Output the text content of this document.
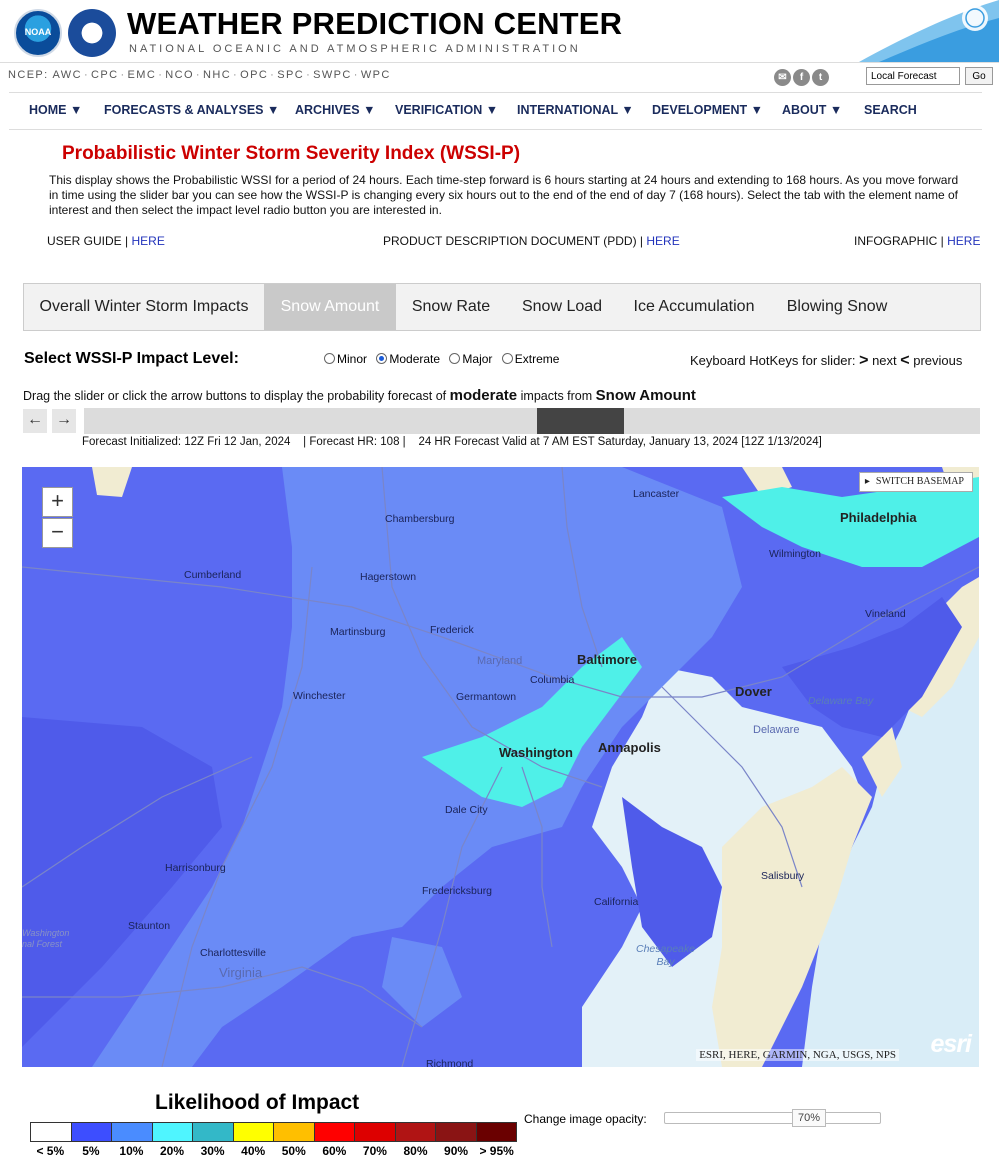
NOAA WEATHER PREDICTION CENTER
NATIONAL OCEANIC AND ATMOSPHERIC ADMINISTRATION
NCEP: AWC · CPC · EMC · NCO · NHC · OPC · SPC · SWPC · WPC	✉ f t
Local Forecast	Go
HOME ▼ FORECASTS & ANALYSES ▼ ARCHIVES ▼ VERIFICATION ▼ INTERNATIONAL ▼ DEVELOPMENT ▼ ABOUT ▼ SEARCH
Probabilistic Winter Storm Severity Index (WSSI-P)
This display shows the Probabilistic WSSI for a period of 24 hours. Each time-step forward is 6 hours starting at 24 hours and extending to 168 hours. As you move forward in time using the slider bar you can see how the WSSI-P is changing every six hours out to the end of the end of day 7 (168 hours). Select the tab with the element name of interest and then select the impact level radio button you are interested in.
USER GUIDE | HERE	PRODUCT DESCRIPTION DOCUMENT (PDD) | HERE	INFOGRAPHIC | HERE
Overall Winter Storm Impacts	Snow Amount	Snow Rate	Snow Load	Ice Accumulation	Blowing Snow
Select WSSI-P Impact Level:	Minor Moderate Major Extreme	Keyboard HotKeys for slider: > next < previous
Drag the slider or click the arrow buttons to display the probability forecast of moderate impacts from Snow Amount
← →
Forecast Initialized: 12Z Fri 12 Jan, 2024 | Forecast HR: 108 | 24 HR Forecast Valid at 7 AM EST Saturday, January 13, 2024 [12Z 1/13/2024]
+
−
▸ SWITCH BASEMAP
Lancaster
Chambersburg	Philadelphia
Wilmington
Cumberland	Hagerstown
Vineland
Martinsburg	Frederick
Baltimore
Columbia
Winchester	Germantown	Dover
Washington Annapolis
Dale City
Harrisonburg
Fredericksburg
Salisbury
California
Staunton
Charlottesville
Richmond
Maryland
Delaware
Virginia
Delaware Bay
Chesapeake
Bay
Washington
nal Forest
ESRI, HERE, GARMIN, NGA, USGS, NPS esri
Likelihood of Impact
< 5%	5%	10%	20%	30%	40%	50%	60%	70%	80%	90% > 95%
Change image opacity:	70%
